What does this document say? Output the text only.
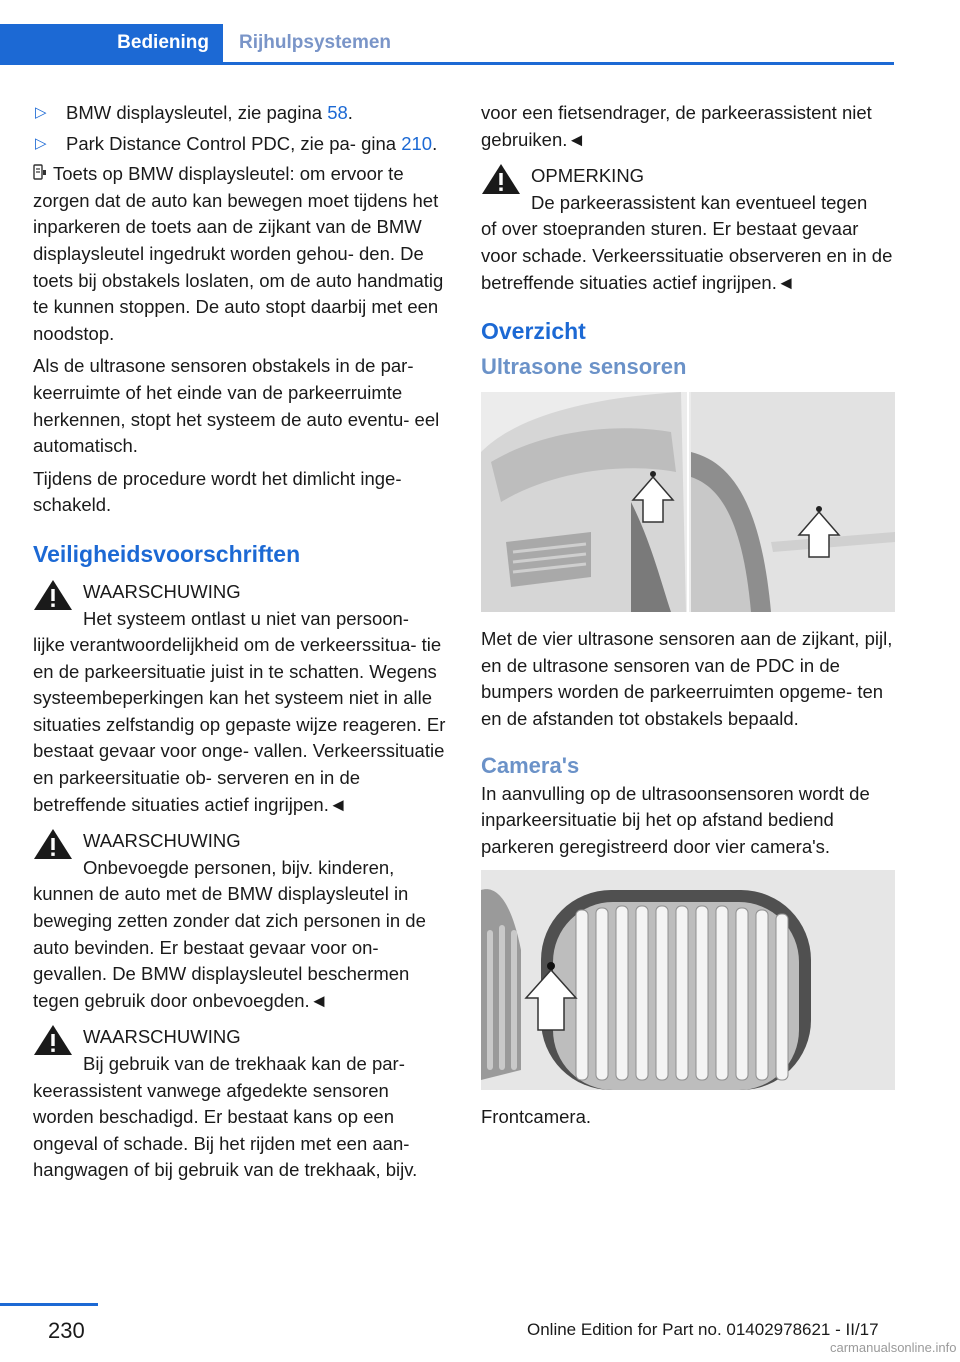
Bediening	Rijhulpsystemen
▷ BMW displaysleutel, zie pagina 58.
▷ Park Distance Control PDC, zie pa‐ gina 210.

Toets op BMW displaysleutel: om ervoor te zorgen dat de auto kan bewegen moet tijdens het inparkeren de toets aan de zijkant van de BMW displaysleutel ingedrukt worden gehou‐ den. De toets bij obstakels loslaten, om de auto handmatig te kunnen stoppen. De auto stopt daarbij met een noodstop.

Als de ultrasone sensoren obstakels in de par‐ keerruimte of het einde van de parkeerruimte herkennen, stopt het systeem de auto eventu‐ eel automatisch.

Tijdens de procedure wordt het dimlicht inge‐ schakeld.

Veiligheidsvoorschriften
WAARSCHUWING
Het systeem ontlast u niet van persoon‐
lijke verantwoordelijkheid om de verkeerssitua‐ tie en de parkeersituatie juist in te schatten. Wegens systeembeperkingen kan het systeem niet in alle situaties zelfstandig op gepaste wijze reageren. Er bestaat gevaar voor onge‐ vallen. Verkeerssituatie en parkeersituatie ob‐ serveren en in de betreffende situaties actief ingrijpen.◄
WAARSCHUWING
Onbevoegde personen, bijv. kinderen,
kunnen de auto met de BMW displaysleutel in beweging zetten zonder dat zich personen in de auto bevinden. Er bestaat gevaar voor on‐ gevallen. De BMW displaysleutel beschermen tegen gebruik door onbevoegden.◄
WAARSCHUWING
Bij gebruik van de trekhaak kan de par‐
keerassistent vanwege afgedekte sensoren worden beschadigd. Er bestaat kans op een ongeval of schade. Bij het rijden met een aan‐ hangwagen of bij gebruik van de trekhaak, bijv.

voor een fietsendrager, de parkeerassistent niet gebruiken.◄

OPMERKING
De parkeerassistent kan eventueel tegen
of over stoepranden sturen. Er bestaat gevaar voor schade. Verkeerssituatie observeren en in de betreffende situaties actief ingrijpen.◄
Overzicht
Ultrasone sensoren

Met de vier ultrasone sensoren aan de zijkant, pijl, en de ultrasone sensoren van de PDC in de bumpers worden de parkeerruimten opgeme‐ ten en de afstanden tot obstakels bepaald.

Camera's

In aanvulling op de ultrasoonsensoren wordt de inparkeersituatie bij het op afstand bediend parkeren geregistreerd door vier camera's.

Frontcamera.

230	Online Edition for Part no. 01402978621 - II/17
carmanualsonline.info
